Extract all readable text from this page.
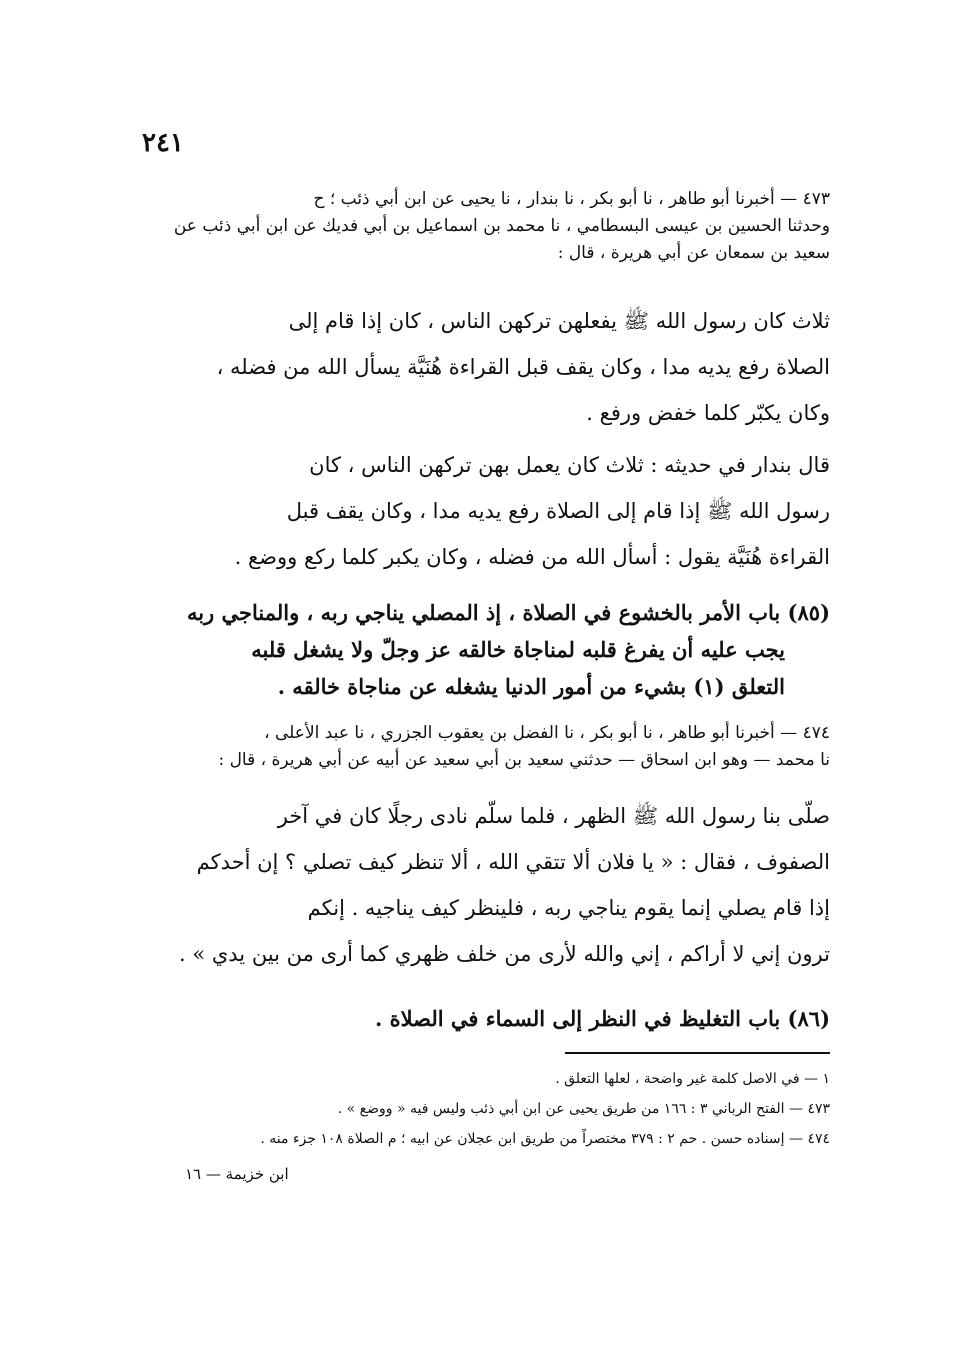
٢٤١
٤٧٣ — أخبرنا أبو طاهر ، نا أبو بكر ، نا بندار ، نا يحيى عن ابن أبي ذئب ؛ ح
وحدثنا الحسين بن عيسى البسطامي ، نا محمد بن اسماعيل بن أبي فديك عن ابن أبي ذئب عن
سعيد بن سمعان عن أبي هريرة ، قال :
ثلاث كان رسول الله ﷺ يفعلهن تركهن الناس ، كان إذا قام إلى
الصلاة رفع يديه مدا ، وكان يقف قبل القراءة هُنَيَّة يسأل الله من فضله ،
وكان يكبّر كلما خفض ورفع .
قال بندار في حديثه : ثلاث كان يعمل بهن تركهن الناس ، كان
رسول الله ﷺ إذا قام إلى الصلاة رفع يديه مدا ، وكان يقف قبل
القراءة هُنَيَّة يقول : أسأل الله من فضله ، وكان يكبر كلما ركع ووضع .
(٨٥) باب الأمر بالخشوع في الصلاة ، إذ المصلي يناجي ربه ، والمناجي ربه
يجب عليه أن يفرغ قلبه لمناجاة خالقه عز وجلّ ولا يشغل قلبه
التعلق (١) بشيء من أمور الدنيا يشغله عن مناجاة خالقه .
٤٧٤ — أخبرنا أبو طاهر ، نا أبو بكر ، نا الفضل بن يعقوب الجزري ، نا عبد الأعلى ،
نا محمد — وهو ابن اسحاق — حدثني سعيد بن أبي سعيد عن أبيه عن أبي هريرة ، قال :
صلّى بنا رسول الله ﷺ الظهر ، فلما سلّم نادى رجلًا كان في آخر
الصفوف ، فقال : « يا فلان ألا تتقي الله ، ألا تنظر كيف تصلي ؟ إن أحدكم
إذا قام يصلي إنما يقوم يناجي ربه ، فلينظر كيف يناجيه . إنكم
ترون إني لا أراكم ، إني والله لأرى من خلف ظهري كما أرى من بين يدي » .
(٨٦) باب التغليظ في النظر إلى السماء في الصلاة .
١ — في الاصل كلمة غير واضحة ، لعلها التعلق .
٤٧٣ — الفتح الرباني ٣ : ١٦٦ من طريق يحيى عن ابن أبي ذئب وليس فيه « ووضع » .
٤٧٤ — إسناده حسن . حم ٢ : ٣٧٩ مختصراً من طريق ابن عجلان عن ابيه ؛ م الصلاة ١٠٨ جزء منه .
ابن خزيمة — ١٦
